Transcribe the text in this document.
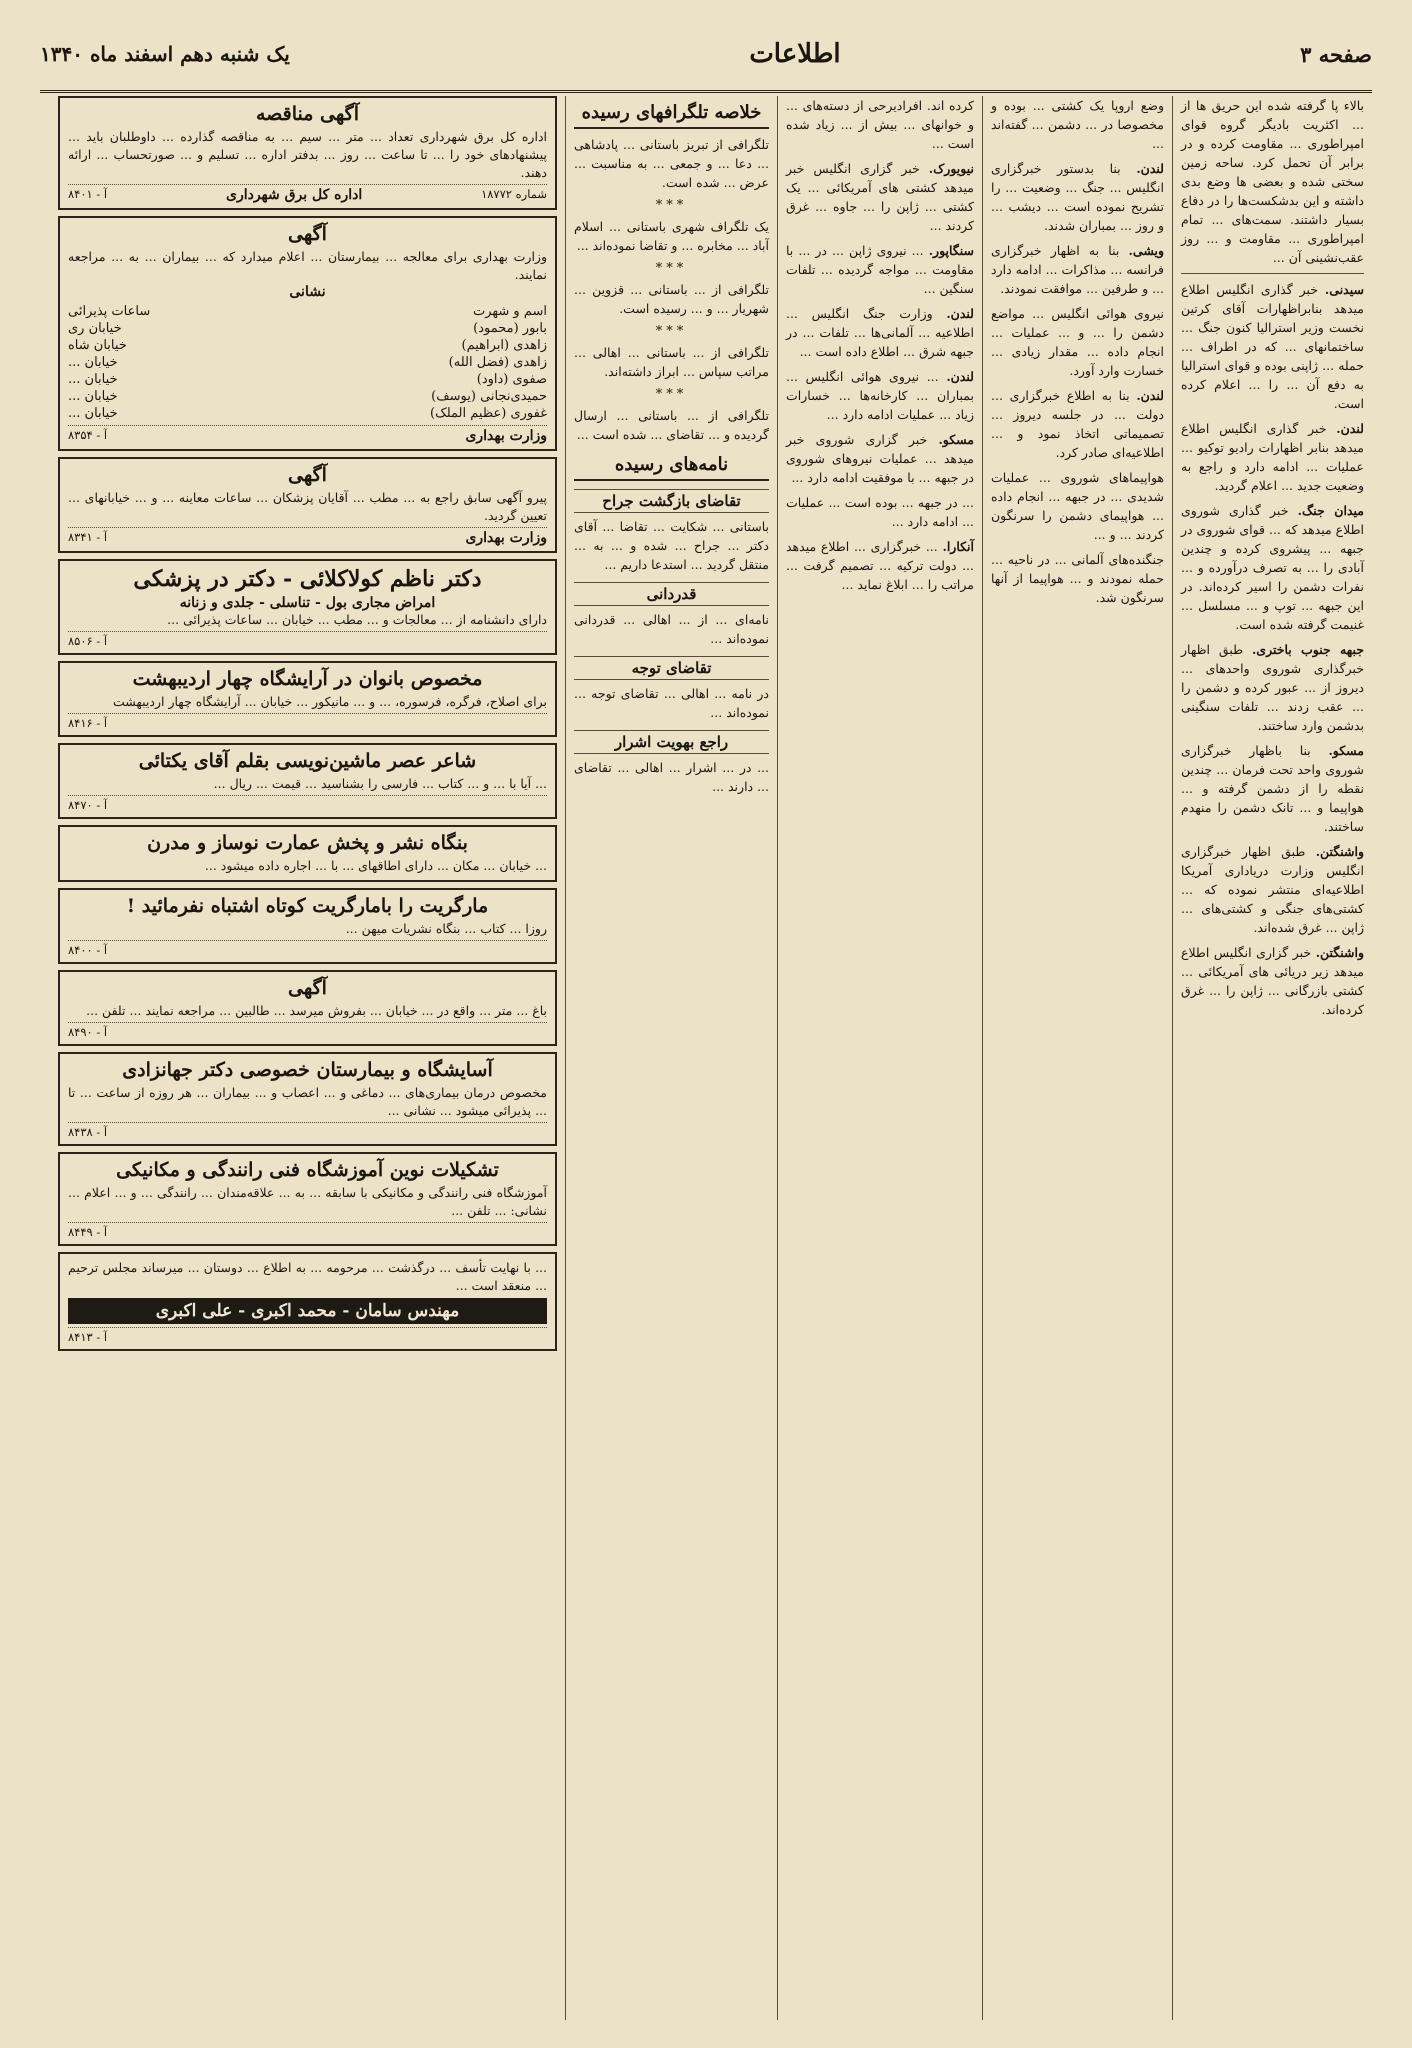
صفحه ۳
اطلاعات
یک شنبه دهم اسفند ماه ۱۳۴۰

بالاء پا گرفته شده این حریق ها از ... اکثریت بادیگر گروه قوای امپراطوری ... مقاومت کرده و در برابر آن تحمل کرد. ساحه زمین سختی شده و بعضی ها وضع بدی داشته و این بدشکست‌ها را در دفاع بسیار داشتند. سمت‌های ... تمام امپراطوری ... مقاومت و ... روز عقب‌نشینی آن ...

سیدنی. خبر گذاری انگلیس اطلاع میدهد بنابراظهارات آقای کرتین نخست وزیر استرالیا کنون جنگ ... ساختمانهای ... که در اطراف ... حمله ... ژاپنی بوده و قوای استرالیا به دفع آن ... را ... اعلام کرده است.

لندن. خبر گذاری انگلیس اطلاع میدهد بنابر اظهارات رادیو توکیو ... عملیات ... ادامه دارد و راجع به وضعیت جدید ... اعلام گردید.

میدان جنگ. خبر گذاری شوروی اطلاع میدهد که ... قوای شوروی در جبهه ... پیشروی کرده و چندین آبادی را ... به تصرف درآورده و ... نفرات دشمن را اسیر کرده‌اند. در این جبهه ... توپ و ... مسلسل ... غنیمت گرفته شده است.

جبهه جنوب باختری. طبق اظهار خبرگذاری شوروی واحدهای ... دیروز از ... عبور کرده و دشمن را ... عقب زدند ... تلفات سنگینی بدشمن وارد ساختند.

مسکو. بنا باظهار خبرگزاری شوروی واحد تحت فرمان ... چندین نقطه را از دشمن گرفته و ... هواپیما و ... تانک دشمن را منهدم ساختند.

واشنگتن. طبق اظهار خبرگزاری انگلیس وزارت دریاداری آمریکا اطلاعیه‌ای منتشر نموده که ... کشتی‌های جنگی و کشتی‌های ... ژاپن ... غرق شده‌اند.

واشنگتن. خبر گزاری انگلیس اطلاع میدهد زیر دریائی های آمریکائی ... کشتی بازرگانی ... ژاپن را ... غرق کرده‌اند.

وضع اروپا یک کشتی ... بوده و مخصوصا در ... دشمن ... گفته‌اند ...

لندن. بنا بدستور خبرگزاری انگلیس ... جنگ ... وضعیت ... را تشریح نموده است ... دیشب ... و روز ... بمباران شدند.

ویشی. بنا به اظهار خبرگزاری فرانسه ... مذاکرات ... ادامه دارد ... و طرفین ... موافقت نمودند.

نیروی هوائی انگلیس ... مواضع دشمن را ... و ... عملیات ... انجام داده ... مقدار زیادی ... خسارت وارد آورد.

لندن. بنا به اطلاع خبرگزاری ... دولت ... در جلسه دیروز ... تصمیماتی اتخاذ نمود و ... اطلاعیه‌ای صادر کرد.

هواپیماهای شوروی ... عملیات شدیدی ... در جبهه ... انجام داده ... هواپیمای دشمن را سرنگون کردند ... و ...

جنگنده‌های آلمانی ... در ناحیه ... حمله نمودند و ... هواپیما از آنها سرنگون شد.

کرده اند. افرادیرحی از دسته‌های ... و خوانهای ... بیش از ... زیاد شده است ...

نیویورک. خبر گزاری انگلیس خبر میدهد کشتی های آمریکائی ... یک کشتی ... ژاپن را ... جاوه ... غرق کردند ...

سنگاپور. ... نیروی ژاپن ... در ... با مقاومت ... مواجه گردیده ... تلفات سنگین ...

لندن. وزارت جنگ انگلیس ... اطلاعیه ... آلمانی‌ها ... تلفات ... در جبهه شرق ... اطلاع داده است ...

لندن. ... نیروی هوائی انگلیس ... بمباران ... کارخانه‌ها ... خسارات زیاد ... عملیات ادامه دارد ...

مسکو. خبر گزاری شوروی خبر میدهد ... عملیات نیروهای شوروی در جبهه ... با موفقیت ادامه دارد ...

... در جبهه ... بوده است ... عملیات ... ادامه دارد ...

آنکارا. ... خبرگزاری ... اطلاع میدهد ... دولت ترکیه ... تصمیم گرفت ... مراتب را ... ابلاغ نماید ...

خلاصه تلگرافهای رسیده

تلگرافی از تبریز باستانی ... پادشاهی ... دعا ... و جمعی ... به مناسبت ... عرض ... شده است.

***

یک تلگراف شهری باستانی ... اسلام آباد ... مخابره ... و تقاضا نموده‌اند ...

***

تلگرافی از ... باستانی ... قزوین ... شهریار ... و ... رسیده است.

***

تلگرافی از ... باستانی ... اهالی ... مراتب سپاس ... ابراز داشته‌اند.

***

تلگرافی از ... باستانی ... ارسال گردیده و ... تقاضای ... شده است ...

نامه‌های رسیده
تقاضای بازگشت جراح

باستانی ... شکایت ... تقاضا ... آقای دکتر ... جراح ... شده و ... به ... منتقل گردید ... استدعا داریم ...

قدردانی

نامه‌ای ... از ... اهالی ... قدردانی نموده‌اند ...

تقاضای توجه

در نامه ... اهالی ... تقاضای توجه ... نموده‌اند ...

راجع بهویت اشرار

... در ... اشرار ... اهالی ... تقاضای ... دارند ...

آگهی مناقصه
اداره کل برق شهرداری تعداد ... متر ... سیم ... به مناقصه گذارده ... داوطلبان باید ... پیشنهادهای خود را ... تا ساعت ... روز ... بدفتر اداره ... تسلیم و ... صورتحساب ... ارائه دهند.
شماره ۱۸۷۷۲
اداره کل برق شهرداری
آ - ۸۴۰۱
آگهی
وزارت بهداری برای معالجه ... بیمارستان ... اعلام میدارد که ... بیماران ... به ... مراجعه نمایند.
نشانی
اسم و شهرت
ساعات پذیرائی
بابور (محمود)
خیابان ری
زاهدی (ابراهیم)
خیابان شاه
زاهدی (فضل الله)
خیابان ...
صفوی (داود)
خیابان ...
حمیدی‌نجانی (یوسف)
خیابان ...
غفوری (عظیم الملک)
خیابان ...
وزارت بهداری
آ - ۸۳۵۴
آگهی
پیرو آگهی سابق راجع به ... مطب ... آقایان پزشکان ... ساعات معاینه ... و ... خیابانهای ... تعیین گردید.
وزارت بهداری
آ - ۸۳۴۱
دکتر ناظم کولاکلائی - دکتر در پزشکی
امراض مجاری بول - تناسلی - جلدی و زنانه
دارای دانشنامه از ... معالجات و ... مطب ... خیابان ... ساعات پذیرائی ...
آ - ۸۵۰۶
مخصوص بانوان در آرایشگاه چهار اردیبهشت
برای اصلاح، فرگره، فرسوره، ... و ... مانیکور ... خیابان ... آرایشگاه چهار اردیبهشت
آ - ۸۴۱۶
شاعر عصر ماشین‌نویسی بقلم آقای یکتائی
... آیا با ... و ... کتاب ... فارسی را بشناسید ... قیمت ... ریال ...
آ - ۸۴۷۰
بنگاه نشر و پخش عمارت نوساز و مدرن
... خیابان ... مکان ... دارای اطاقهای ... با ... اجاره داده میشود ...
مارگریت را بامارگریت کوتاه اشتباه نفرمائید !
روزا ... کتاب ... بنگاه نشریات میهن ...
آ - ۸۴۰۰
آگهی
باغ ... متر ... واقع در ... خیابان ... بفروش میرسد ... طالبین ... مراجعه نمایند ... تلفن ...
آ - ۸۴۹۰
آسایشگاه و بیمارستان خصوصی دکتر جهانزادی
مخصوص درمان بیماری‌های ... دماغی و ... اعصاب و ... بیماران ... هر روزه از ساعت ... تا ... پذیرائی میشود ... نشانی ...
آ - ۸۴۳۸
تشکیلات نوین آموزشگاه فنی رانندگی و مکانیکی
آموزشگاه فنی رانندگی و مکانیکی با سابقه ... به ... علاقه‌مندان ... رانندگی ... و ... اعلام ... نشانی: ... تلفن ...
آ - ۸۴۴۹
... با نهایت تأسف ... درگذشت ... مرحومه ... به اطلاع ... دوستان ... میرساند مجلس ترحیم ... منعقد است ...
مهندس سامان - محمد اکبری - علی اکبری
آ - ۸۴۱۳
